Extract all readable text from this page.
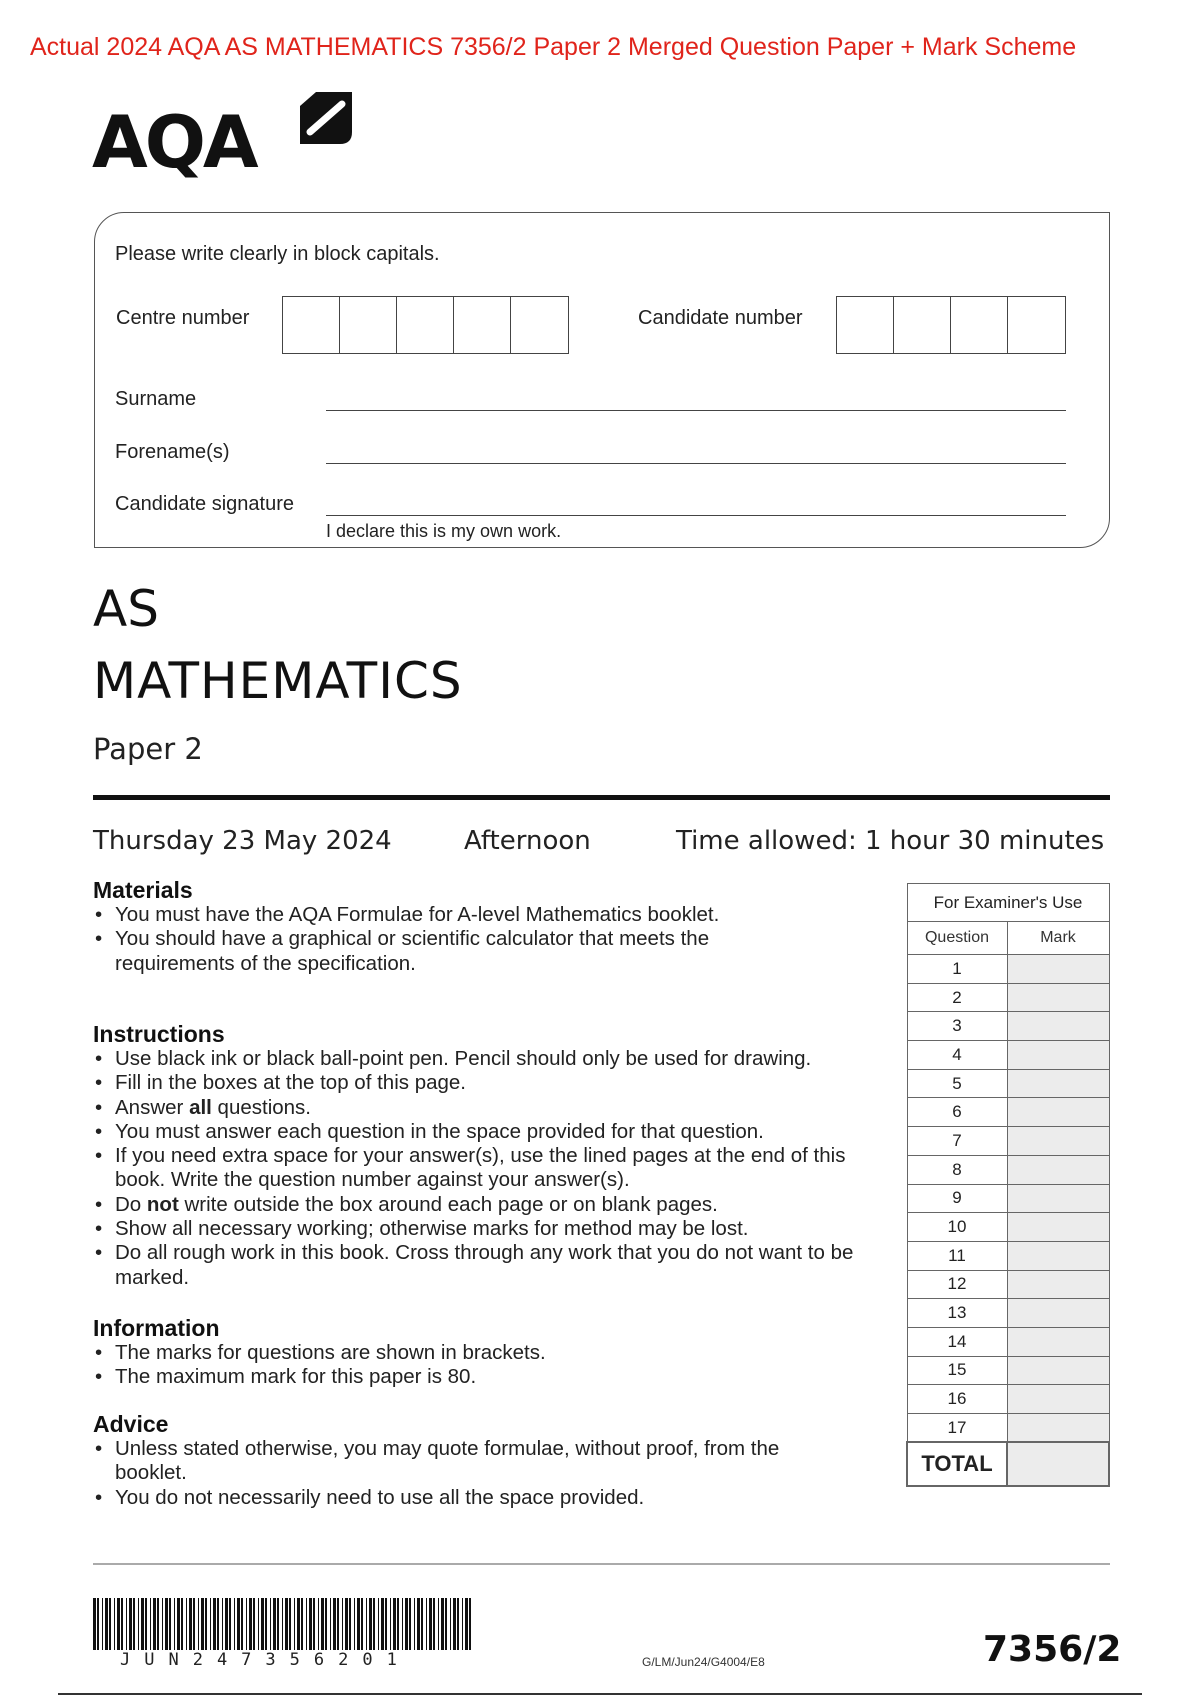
Actual 2024 AQA AS MATHEMATICS 7356/2 Paper 2 Merged Question Paper + Mark Scheme
AQA
Please write clearly in block capitals.
Centre number	Candidate number
Surname
Forename(s)
Candidate signature
I declare this is my own work.
AS
MATHEMATICS
Paper 2
Thursday 23 May 2024	Afternoon	Time allowed: 1 hour 30 minutes
Materials
• You must have the AQA Formulae for A-level Mathematics booklet.
• You should have a graphical or scientific calculator that meets the requirements of the specification.
Instructions
• Use black ink or black ball-point pen. Pencil should only be used for drawing.
• Fill in the boxes at the top of this page.
• Answer all questions.
• You must answer each question in the space provided for that question.
• If you need extra space for your answer(s), use the lined pages at the end of this book. Write the question number against your answer(s).
• Do not write outside the box around each page or on blank pages.
• Show all necessary working; otherwise marks for method may be lost.
• Do all rough work in this book. Cross through any work that you do not want to be marked.
Information
• The marks for questions are shown in brackets.
• The maximum mark for this paper is 80.
Advice
• Unless stated otherwise, you may quote formulae, without proof, from the booklet.
• You do not necessarily need to use all the space provided.
For Examiner's Use	
Question	Mark
1	
2	
3	
4	
5	
6	
7	
8	
9	
10	
11	
12	
13	
14	
15	
16	
17	
TOTAL	
JUN247356201	G/LM/Jun24/G4004/E8	7356/2
